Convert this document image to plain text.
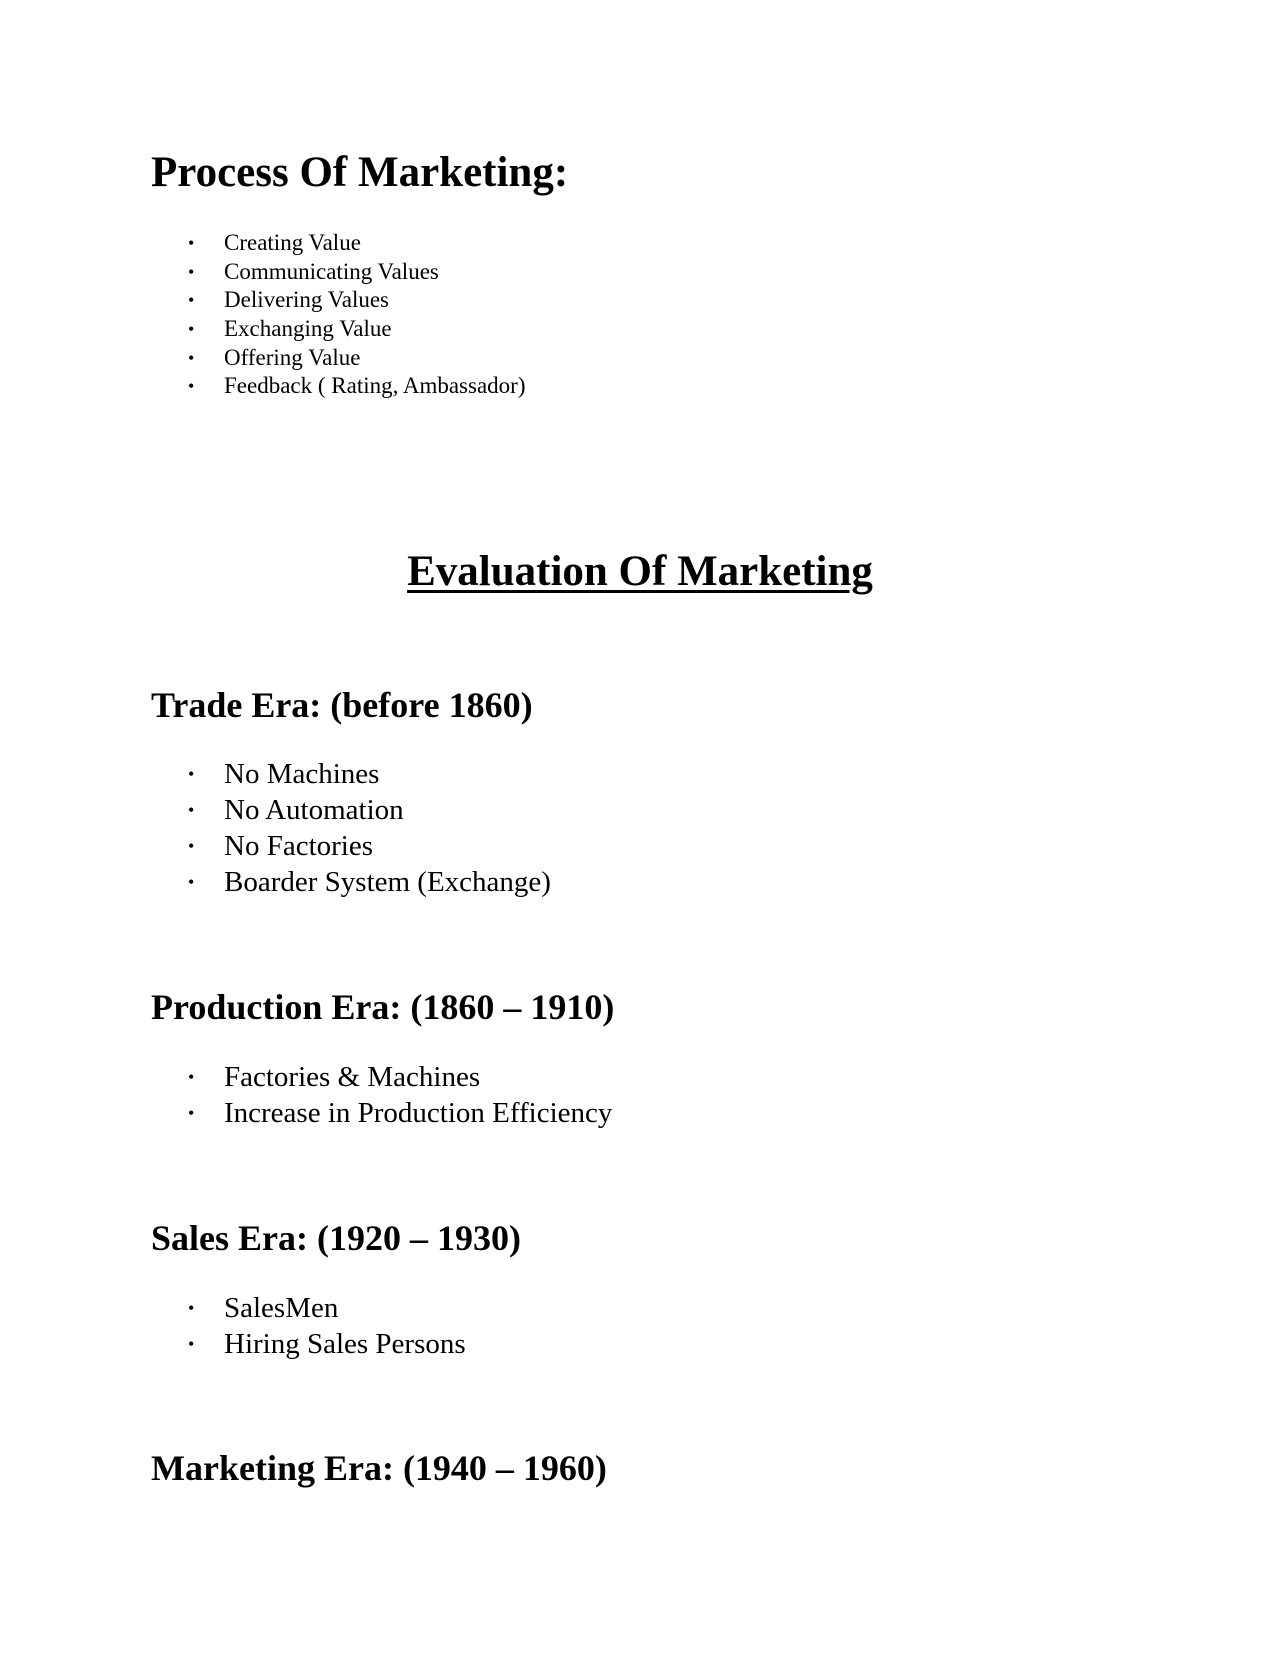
Process Of Marketing:
• Creating Value
• Communicating Values
• Delivering Values
• Exchanging Value
• Offering Value
• Feedback ( Rating, Ambassador)
Evaluation Of Marketing
Trade Era: (before 1860)
• No Machines
• No Automation
• No Factories
• Boarder System (Exchange)
Production Era: (1860 – 1910)
• Factories & Machines
• Increase in Production Efficiency
Sales Era: (1920 – 1930)
• SalesMen
• Hiring Sales Persons
Marketing Era: (1940 – 1960)
